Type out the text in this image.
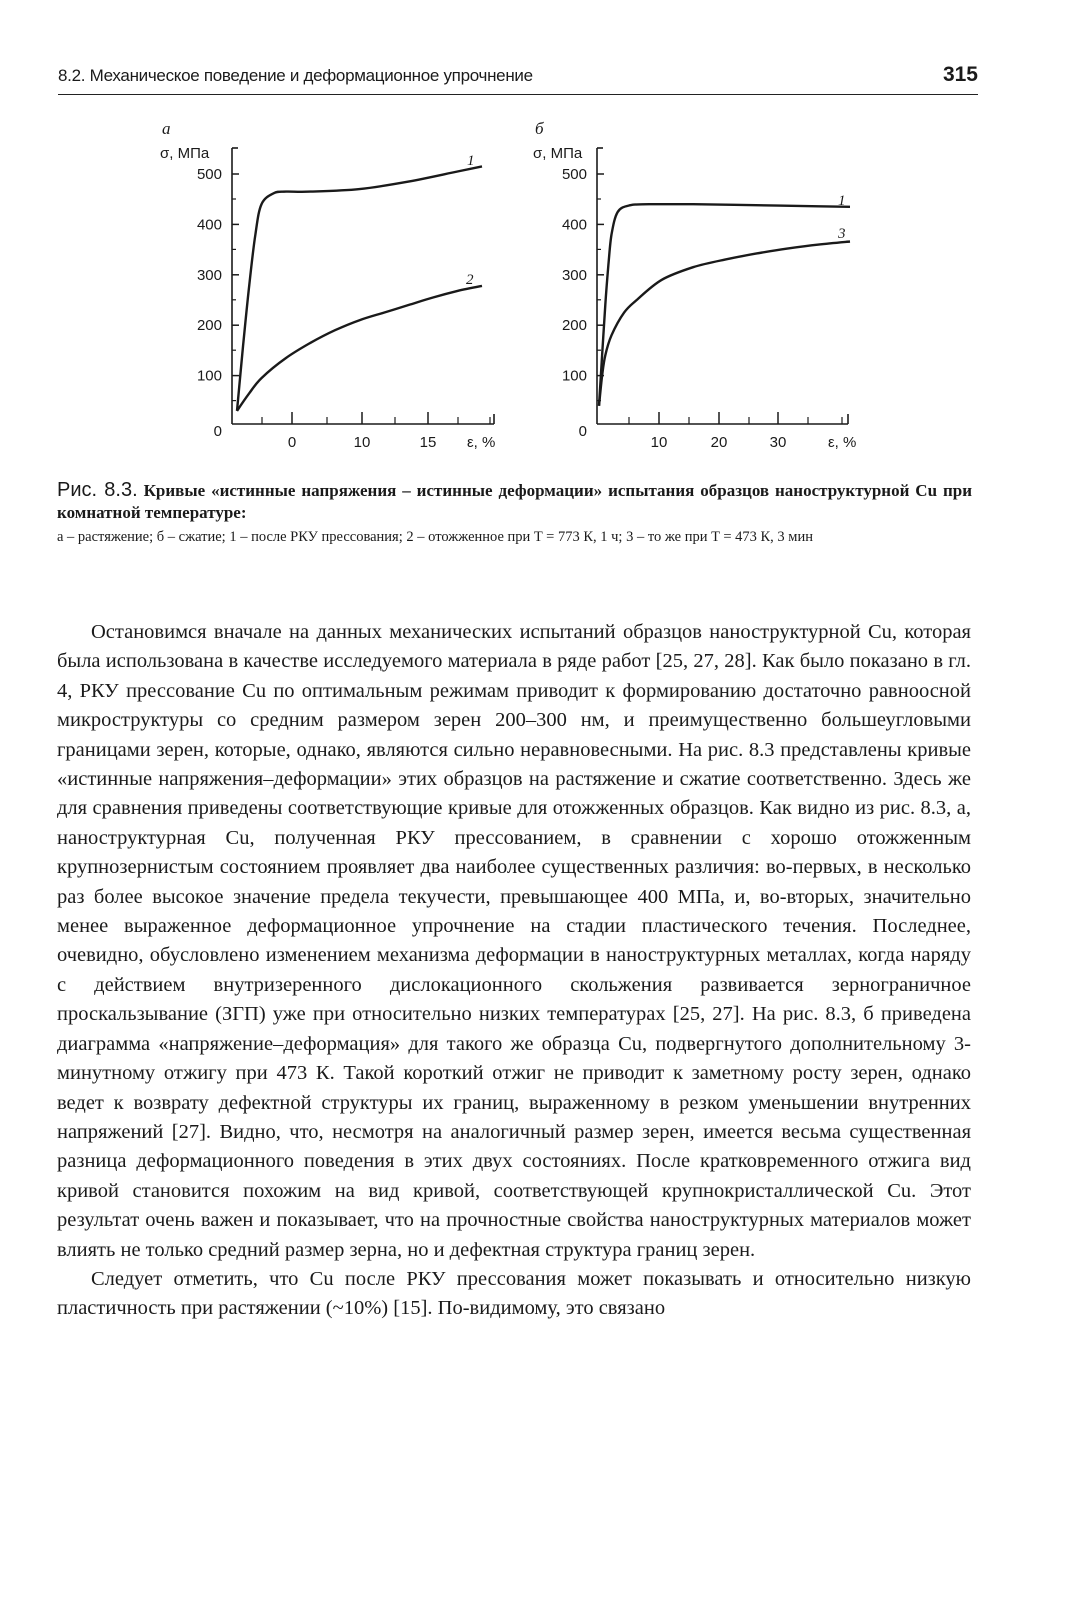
8.2. Механическое поведение и деформационное упрочнение	315
а
σ, МПа
ε, %
0
100
200
300
400
500
0	10	15
1
2
б
σ, МПа
ε, %
0
100
200
300
400
500
10	20	30
1
3
Рис. 8.3. Кривые «истинные напряжения – истинные деформации» испытания образцов наноструктурной Cu при комнатной температуре:
а – растяжение; б – сжатие; 1 – после РКУ прессования; 2 – отожженное при T = 773 К, 1 ч; 3 – то же при T = 473 К, 3 мин

Остановимся вначале на данных механических испытаний образцов наноструктурной Cu, которая была использована в качестве исследуемого материала в ряде работ [25, 27, 28]. Как было показано в гл. 4, РКУ прессование Cu по оптимальным режимам приводит к формированию достаточно равноосной микроструктуры со средним размером зерен 200–300 нм, и преимущественно большеугловыми границами зерен, которые, однако, являются сильно неравновесными. На рис. 8.3 представлены кривые «истинные напряжения–деформации» этих образцов на растяжение и сжатие соответственно. Здесь же для сравнения приведены соответствующие кривые для отожженных образцов. Как видно из рис. 8.3, а, наноструктурная Cu, полученная РКУ прессованием, в сравнении с хорошо отожженным крупнозернистым состоянием проявляет два наиболее существенных различия: во-первых, в несколько раз более высокое значение предела текучести, превышающее 400 МПа, и, во-вторых, значительно менее выраженное деформационное упрочнение на стадии пластического течения. Последнее, очевидно, обусловлено изменением механизма деформации в наноструктурных металлах, когда наряду с действием внутризеренного дислокационного скольжения развивается зернограничное проскальзывание (ЗГП) уже при относительно низких температурах [25, 27]. На рис. 8.3, б приведена диаграмма «напряжение–деформация» для такого же образца Cu, подвергнутого дополнительному 3-минутному отжигу при 473 К. Такой короткий отжиг не приводит к заметному росту зерен, однако ведет к возврату дефектной структуры их границ, выраженному в резком уменьшении внутренних напряжений [27]. Видно, что, несмотря на аналогичный размер зерен, имеется весьма существенная разница деформационного поведения в этих двух состояниях. После кратковременного отжига вид кривой становится похожим на вид кривой, соответствующей крупнокристаллической Cu. Этот результат очень важен и показывает, что на прочностные свойства наноструктурных материалов может влиять не только средний размер зерна, но и дефектная структура границ зерен.

Следует отметить, что Cu после РКУ прессования может показывать и относительно низкую пластичность при растяжении (~10%) [15]. По-видимому, это связано
